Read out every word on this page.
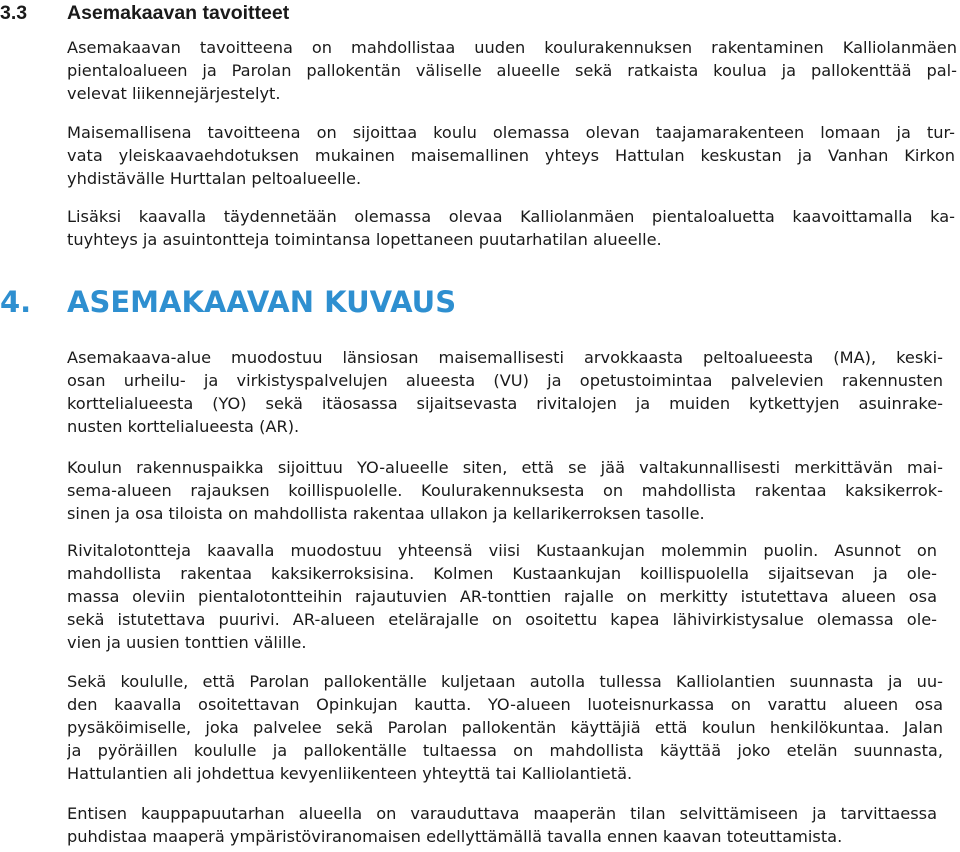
3.3 Asemakaavan tavoitteet

Asemakaavan tavoitteena on mahdollistaa uuden koulurakennuksen rakentaminen Kalliolanmäen
pientaloalueen ja Parolan pallokentän väliselle alueelle sekä ratkaista koulua ja pallokenttää pal-
velevat liikennejärjestelyt.

Maisemallisena tavoitteena on sijoittaa koulu olemassa olevan taajamarakenteen lomaan ja tur-
vata yleiskaavaehdotuksen mukainen maisemallinen yhteys Hattulan keskustan ja Vanhan Kirkon
yhdistävälle Hurttalan peltoalueelle.

Lisäksi kaavalla täydennetään olemassa olevaa Kalliolanmäen pientaloaluetta kaavoittamalla ka-
tuyhteys ja asuintontteja toimintansa lopettaneen puutarhatilan alueelle.

4. ASEMAKAAVAN KUVAUS

Asemakaava-alue muodostuu länsiosan maisemallisesti arvokkaasta peltoalueesta (MA), keski-
osan urheilu- ja virkistyspalvelujen alueesta (VU) ja opetustoimintaa palvelevien rakennusten
korttelialueesta (YO) sekä itäosassa sijaitsevasta rivitalojen ja muiden kytkettyjen asuinrake-
nusten korttelialueesta (AR).

Koulun rakennuspaikka sijoittuu YO-alueelle siten, että se jää valtakunnallisesti merkittävän mai-
sema-alueen rajauksen koillispuolelle. Koulurakennuksesta on mahdollista rakentaa kaksikerrok-
sinen ja osa tiloista on mahdollista rakentaa ullakon ja kellarikerroksen tasolle.

Rivitalotontteja kaavalla muodostuu yhteensä viisi Kustaankujan molemmin puolin. Asunnot on
mahdollista rakentaa kaksikerroksisina. Kolmen Kustaankujan koillispuolella sijaitsevan ja ole-
massa oleviin pientalotontteihin rajautuvien AR-tonttien rajalle on merkitty istutettava alueen osa
sekä istutettava puurivi. AR-alueen etelärajalle on osoitettu kapea lähivirkistysalue olemassa ole-
vien ja uusien tonttien välille.

Sekä koululle, että Parolan pallokentälle kuljetaan autolla tullessa Kalliolantien suunnasta ja uu-
den kaavalla osoitettavan Opinkujan kautta. YO-alueen luoteisnurkassa on varattu alueen osa
pysäköimiselle, joka palvelee sekä Parolan pallokentän käyttäjiä että koulun henkilökuntaa. Jalan
ja pyöräillen koululle ja pallokentälle tultaessa on mahdollista käyttää joko etelän suunnasta,
Hattulantien ali johdettua kevyenliikenteen yhteyttä tai Kalliolantietä.

Entisen kauppapuutarhan alueella on varauduttava maaperän tilan selvittämiseen ja tarvittaessa
puhdistaa maaperä ympäristöviranomaisen edellyttämällä tavalla ennen kaavan toteuttamista.
